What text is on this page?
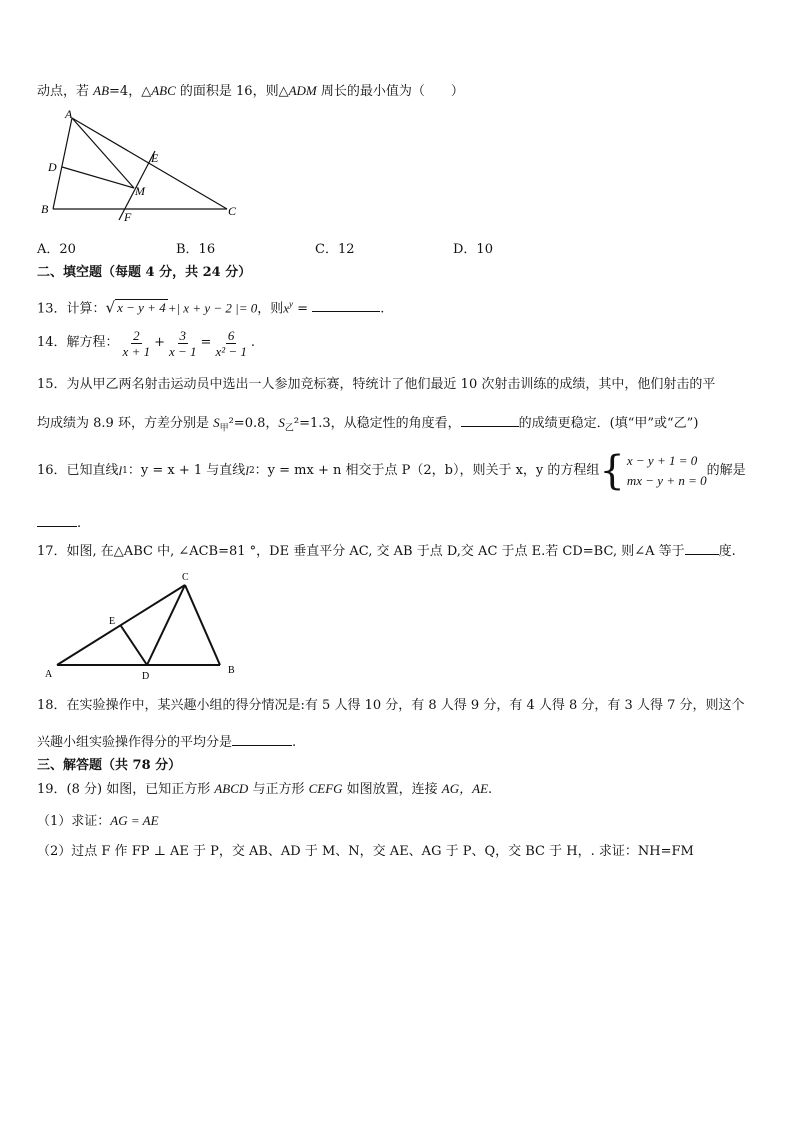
动点，若 AB=4，△ABC 的面积是 16，则△ADM 周长的最小值为（　　）
A
D
B	C
E
M
F
A．20	B．16	C．12	D．10
二、填空题（每题 4 分，共 24 分）
13．计算：√ x − y + 4 +| x + y − 2 |= 0，则$x^y$ =	.
14．解方程： $\frac{2}{x + 1} + \frac{3}{x - 1} = \frac{6}{\text{x² − 1}}$ .
15．为从甲乙两名射击运动员中选出一人参加竞标赛，特统计了他们最近 10 次射击训练的成绩，其中，他们射击的平
均成绩为 8.9 环，方差分别是 $S_甲^2=0.8$，$S_乙^2=1.3$，从稳定性的角度看，	的成绩更稳定．(填“甲”或“乙”)
16．已知直线 l 1 ：y = x + 1 与直线 l 2 ：y = mx + n 相交于点 P（2，b），则关于 x，y 的方程组 { x − y + 1 = 0
mx − y + n = 0
的解是
.
17．如图, 在△ABC 中, ∠ACB=81 °，DE 垂直平分 AC, 交 AB 于点 D,交 AC 于点 E.若 CD=BC, 则∠A 等于	度.
C
E
A	D
B
18．在实验操作中，某兴趣小组的得分情况是:有 5 人得 10 分，有 8 人得 9 分，有 4 人得 8 分，有 3 人得 7 分，则这个
兴趣小组实验操作得分的平均分是	.
三、解答题（共 78 分）
19．(8 分) 如图，已知正方形 ABCD 与正方形 CEFG 如图放置，连接 AG，AE.
（1）求证：AG = AE
（2）过点 F 作 FP ⊥ AE 于 P，交 AB、AD 于 M、N，交 AE、AG 于 P、Q，交 BC 于 H，. 求证：NH=FM
